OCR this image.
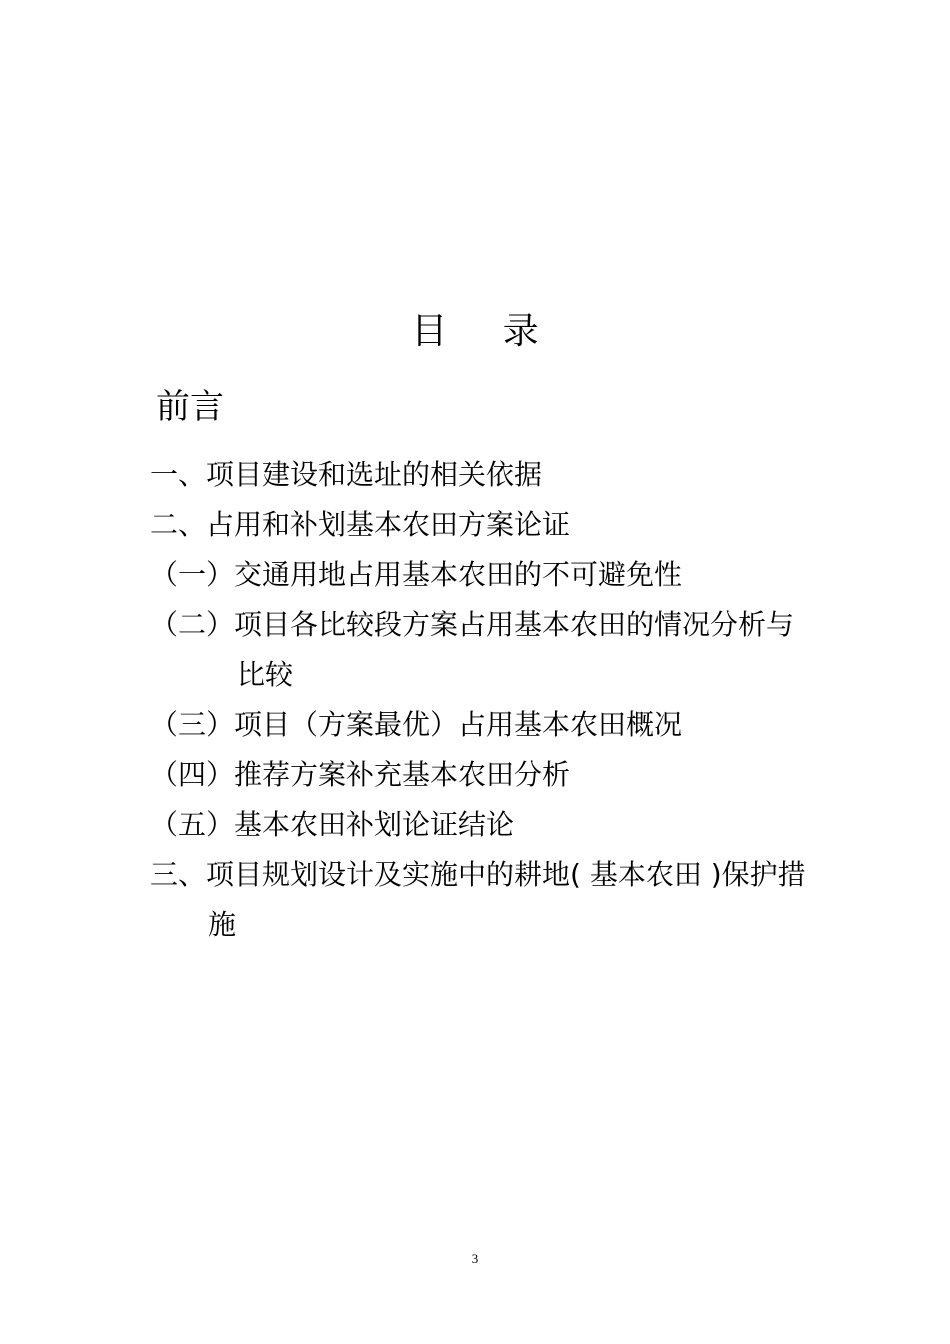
目 录
前言
一、项目建设和选址的相关依据
二、占用和补划基本农田方案论证
（一）交通用地占用基本农田的不可避免性
（二）项目各比较段方案占用基本农田的情况分析与
比较
（三）项目（方案最优）占用基本农田概况
（四）推荐方案补充基本农田分析
（五）基本农田补划论证结论
三、项目规划设计及实施中的耕地( 基本农田 )保护措
施
3
